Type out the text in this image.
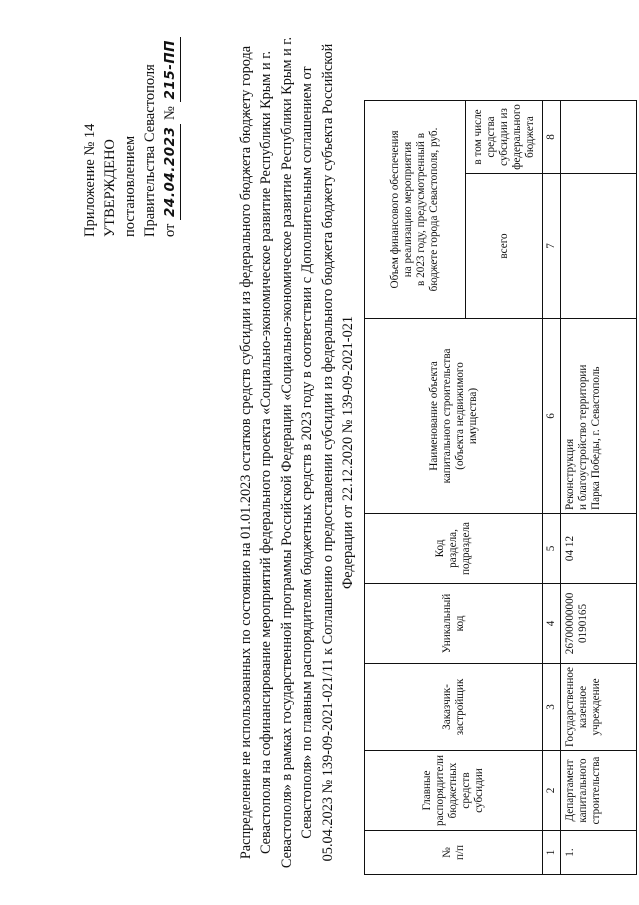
Приложение № 14 УТВЕРЖДЕНО постановлением Правительства Севастополя от 24.04.2023 № 215-ПП	Распределение не использованных по состоянию на 01.01.2023 остатков средств субсидии из федерального бюджета бюджету города Севастополя на софинансирование мероприятий федерального проекта «Социально-экономическое развитие Республики Крым и г. Севастополя» в рамках государственной программы Российской Федерации «Социально-экономическое развитие Республики Крым и г. Севастополя» по главным распорядителям бюджетных средств в 2023 году в соответствии с Дополнительным соглашением от 05.04.2023 № 139-09-2021-021/11 к Соглашению о предоставлении субсидии из федерального бюджета бюджету субъекта Российской Федерации от 22.12.2020 № 139-09-2021-021
№
п/п	Главные
распорядители
бюджетных
средств
субсидии	Заказчик-
застройщик	Уникальный
код	Код
раздела,
подраздела	Наименование объекта
капитального строительства
(объекта недвижимого
имущества)	Объем финансового обеспечения
на реализацию мероприятия
в 2023 году, предусмотренный в
бюджете города Севастополя, руб.	
						всего	в том числе
средства
субсидии из
федерального
бюджета
1	2	3	4	5	6	7	8
1.	Департамент
капитального
строительства	Государственное
казенное
учреждение	26700000000
0190165	04 12	Реконструкция
и благоустройство территории
Парка Победы, г. Севастополь		
